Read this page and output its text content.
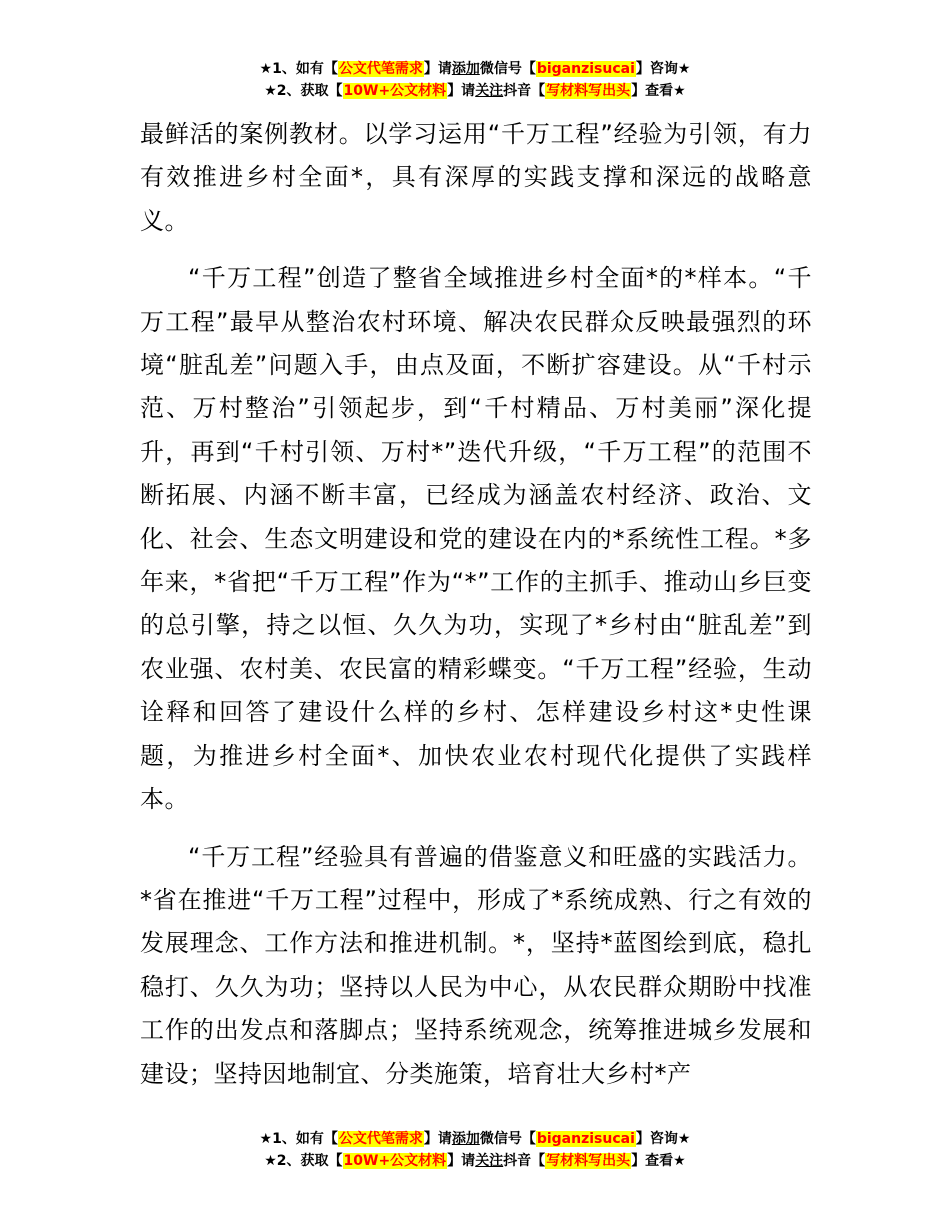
★1、如有【公文代笔需求】请添加微信号【biganzisucai】咨询★
★2、获取【10W+公文材料】请关注抖音【写材料写出头】查看★

最鲜活的案例教材。以学习运用“千万工程”经验为引领，有力有效推进乡村全面*，具有深厚的实践支撑和深远的战略意义。

“千万工程”创造了整省全域推进乡村全面*的*样本。“千万工程”最早从整治农村环境、解决农民群众反映最强烈的环境“脏乱差”问题入手，由点及面，不断扩容建设。从“千村示范、万村整治”引领起步，到“千村精品、万村美丽”深化提升，再到“千村引领、万村*”迭代升级，“千万工程”的范围不断拓展、内涵不断丰富，已经成为涵盖农村经济、政治、文化、社会、生态文明建设和党的建设在内的*系统性工程。*多年来，*省把“千万工程”作为“*”工作的主抓手、推动山乡巨变的总引擎，持之以恒、久久为功，实现了*乡村由“脏乱差”到农业强、农村美、农民富的精彩蝶变。“千万工程”经验，生动诠释和回答了建设什么样的乡村、怎样建设乡村这*史性课题，为推进乡村全面*、加快农业农村现代化提供了实践样本。

“千万工程”经验具有普遍的借鉴意义和旺盛的实践活力。*省在推进“千万工程”过程中，形成了*系统成熟、行之有效的发展理念、工作方法和推进机制。*，坚持*蓝图绘到底，稳扎稳打、久久为功；坚持以人民为中心，从农民群众期盼中找准工作的出发点和落脚点；坚持系统观念，统筹推进城乡发展和建设；坚持因地制宜、分类施策，培育壮大乡村*产

★1、如有【公文代笔需求】请添加微信号【biganzisucai】咨询★
★2、获取【10W+公文材料】请关注抖音【写材料写出头】查看★
